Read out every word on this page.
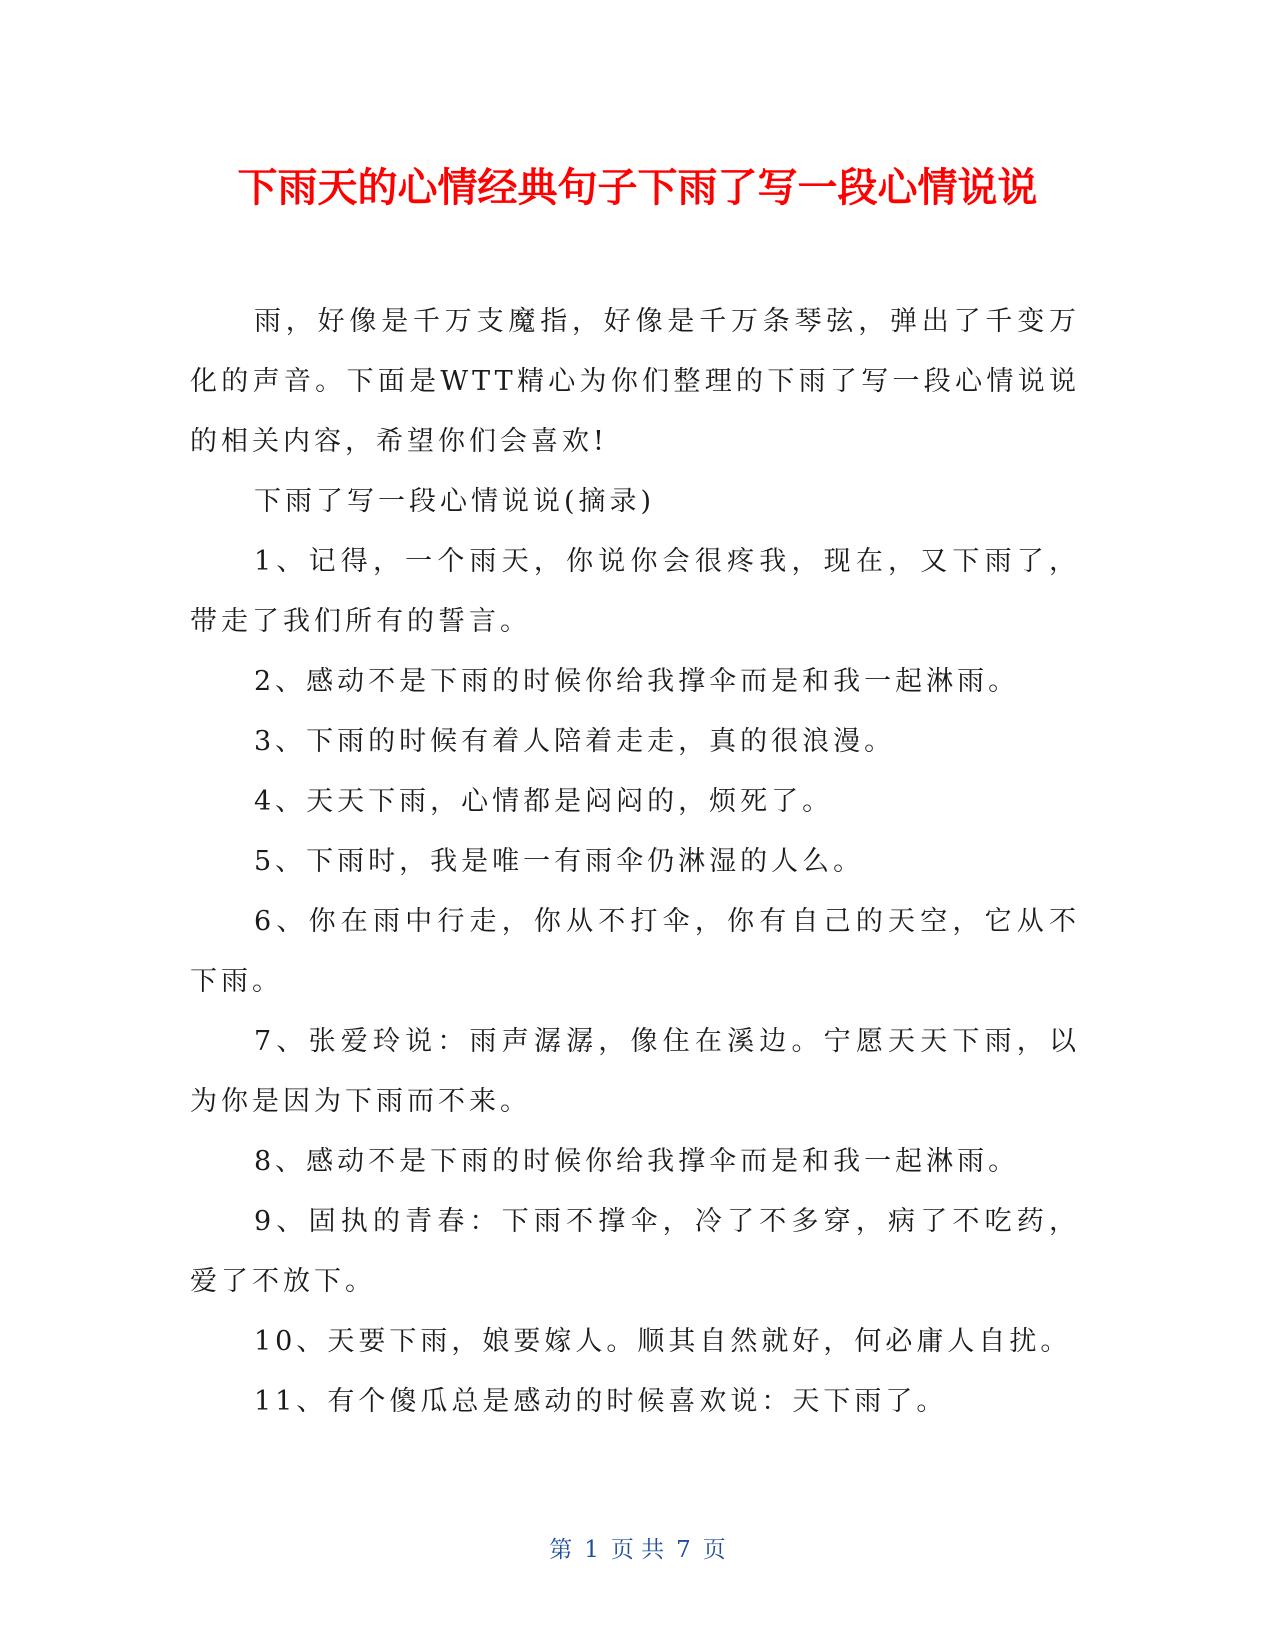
下雨天的心情经典句子下雨了写一段心情说说

雨，好像是千万支魔指，好像是千万条琴弦，弹出了千变万化的声音。下面是WTT精心为你们整理的下雨了写一段心情说说的相关内容，希望你们会喜欢!

下雨了写一段心情说说(摘录)

1、记得，一个雨天，你说你会很疼我，现在，又下雨了，带走了我们所有的誓言。

2、感动不是下雨的时候你给我撑伞而是和我一起淋雨。

3、下雨的时候有着人陪着走走，真的很浪漫。

4、天天下雨，心情都是闷闷的，烦死了。

5、下雨时，我是唯一有雨伞仍淋湿的人么。

6、你在雨中行走，你从不打伞，你有自己的天空，它从不下雨。

7、张爱玲说：雨声潺潺，像住在溪边。宁愿天天下雨，以为你是因为下雨而不来。

8、感动不是下雨的时候你给我撑伞而是和我一起淋雨。

9、固执的青春：下雨不撑伞，冷了不多穿，病了不吃药，爱了不放下。

10、天要下雨，娘要嫁人。顺其自然就好，何必庸人自扰。

11、有个傻瓜总是感动的时候喜欢说：天下雨了。

第 1 页 共 7 页
